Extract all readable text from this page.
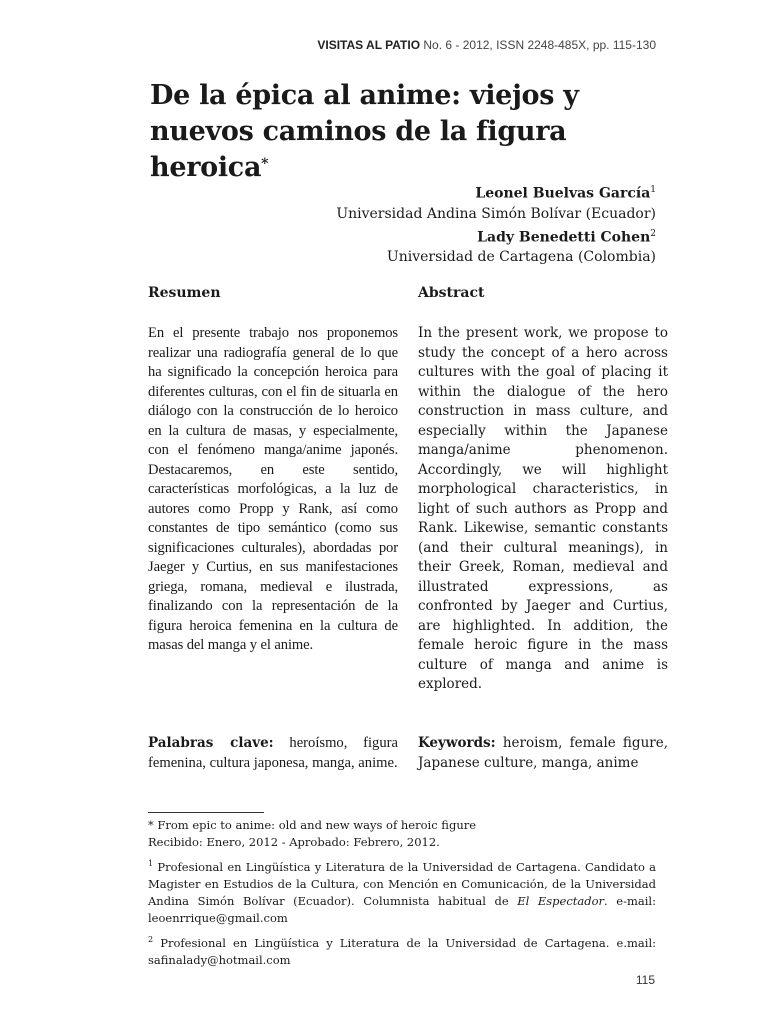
VISITAS AL PATIO No. 6 - 2012, ISSN 2248-485X, pp. 115-130
De la épica al anime: viejos y nuevos caminos de la figura heroica*
Leonel Buelvas García$^1$
Universidad Andina Simón Bolívar (Ecuador)
Lady Benedetti Cohen$^2$
Universidad de Cartagena (Colombia)
Resumen

En el presente trabajo nos proponemos realizar una radiografía general de lo que ha significado la concepción heroica para diferentes culturas, con el fin de situarla en diálogo con la construcción de lo heroico en la cultura de masas, y especialmente, con el fenómeno manga/anime japonés. Destacaremos, en este sentido, características morfológicas, a la luz de autores como Propp y Rank, así como constantes de tipo semántico (como sus significaciones culturales), abordadas por Jaeger y Curtius, en sus manifestaciones griega, romana, medieval e ilustrada, finalizando con la representación de la figura heroica femenina en la cultura de masas del manga y el anime.

Abstract

In the present work, we propose to study the concept of a hero across cultures with the goal of placing it within the dialogue of the hero construction in mass culture, and especially within the Japanese manga/anime phenomenon. Accordingly, we will highlight morphological characteristics, in light of such authors as Propp and Rank. Likewise, semantic constants (and their cultural meanings), in their Greek, Roman, medieval and illustrated expressions, as confronted by Jaeger and Curtius, are highlighted. In addition, the female heroic figure in the mass culture of manga and anime is explored.

Palabras clave: heroísmo, figura femenina, cultura japonesa, manga, anime.
Keywords: heroism, female figure, Japanese culture, manga, anime

* From epic to anime: old and new ways of heroic figure

Recibido: Enero, 2012 - Aprobado: Febrero, 2012.

$^1$ Profesional en Lingüística y Literatura de la Universidad de Cartagena. Candidato a Magister en Estudios de la Cultura, con Mención en Comunicación, de la Universidad Andina Simón Bolívar (Ecuador). Columnista habitual de El Espectador. e-mail: leoenrrique@gmail.com

$^2$ Profesional en Lingüística y Literatura de la Universidad de Cartagena. e.mail: safinalady@hotmail.com

115
